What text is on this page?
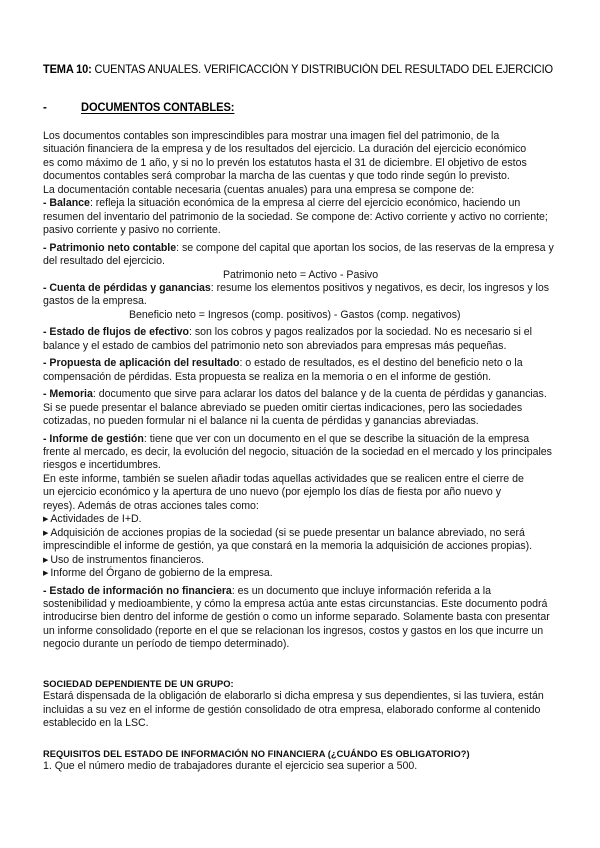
TEMA 10: CUENTAS ANUALES. VERIFICACCIÓN Y DISTRIBUCIÓN DEL RESULTADO DEL EJERCICIO
-	DOCUMENTOS CONTABLES:

Los documentos contables son imprescindibles para mostrar una imagen fiel del patrimonio, de la

situación financiera de la empresa y de los resultados del ejercicio. La duración del ejercicio económico

es como máximo de 1 año, y si no lo prevén los estatutos hasta el 31 de diciembre. El objetivo de estos

documentos contables será comprobar la marcha de las cuentas y que todo rinde según lo previsto.

La documentación contable necesaria (cuentas anuales) para una empresa se compone de:

- Balance: refleja la situación económica de la empresa al cierre del ejercicio económico, haciendo un resumen del inventario del patrimonio de la sociedad. Se compone de: Activo corriente y activo no corriente; pasivo corriente y pasivo no corriente.

- Patrimonio neto contable: se compone del capital que aportan los socios, de las reservas de la empresa y del resultado del ejercicio.

Patrimonio neto = Activo - Pasivo

- Cuenta de pérdidas y ganancias: resume los elementos positivos y negativos, es decir, los ingresos y los gastos de la empresa.

Beneficio neto = Ingresos (comp. positivos) - Gastos (comp. negativos)

- Estado de flujos de efectivo: son los cobros y pagos realizados por la sociedad. No es necesario si el balance y el estado de cambios del patrimonio neto son abreviados para empresas más pequeñas.

- Propuesta de aplicación del resultado: o estado de resultados, es el destino del beneficio neto o la compensación de pérdidas. Esta propuesta se realiza en la memoria o en el informe de gestión.

- Memoria: documento que sirve para aclarar los datos del balance y de la cuenta de pérdidas y ganancias. Si se puede presentar el balance abreviado se pueden omitir ciertas indicaciones, pero las sociedades cotizadas, no pueden formular ni el balance ni la cuenta de pérdidas y ganancias abreviadas.

- Informe de gestión: tiene que ver con un documento en el que se describe la situación de la empresa frente al mercado, es decir, la evolución del negocio, situación de la sociedad en el mercado y los principales riesgos e incertidumbres.

En este informe, también se suelen añadir todas aquellas actividades que se realicen entre el cierre de

un ejercicio económico y la apertura de uno nuevo (por ejemplo los días de fiesta por año nuevo y

reyes). Además de otras acciones tales como:

▶ Actividades de I+D.

▶ Adquisición de acciones propias de la sociedad (si se puede presentar un balance abreviado, no será imprescindible el informe de gestión, ya que constará en la memoria la adquisición de acciones propias).

▶ Uso de instrumentos financieros.

▶ Informe del Órgano de gobierno de la empresa.

- Estado de información no financiera: es un documento que incluye información referida a la sostenibilidad y medioambiente, y cómo la empresa actúa ante estas circunstancias. Este documento podrá introducirse bien dentro del informe de gestión o como un informe separado. Solamente basta con presentar un informe consolidado (reporte en el que se relacionan los ingresos, costos y gastos en los que incurre un negocio durante un período de tiempo determinado).

SOCIEDAD DEPENDIENTE DE UN GRUPO:

Estará dispensada de la obligación de elaborarlo si dicha empresa y sus dependientes, si las tuviera, están incluidas a su vez en el informe de gestión consolidado de otra empresa, elaborado conforme al contenido establecido en la LSC.

REQUISITOS DEL ESTADO DE INFORMACIÓN NO FINANCIERA (¿CUÁNDO ES OBLIGATORIO?)

1. Que el número medio de trabajadores durante el ejercicio sea superior a 500.
